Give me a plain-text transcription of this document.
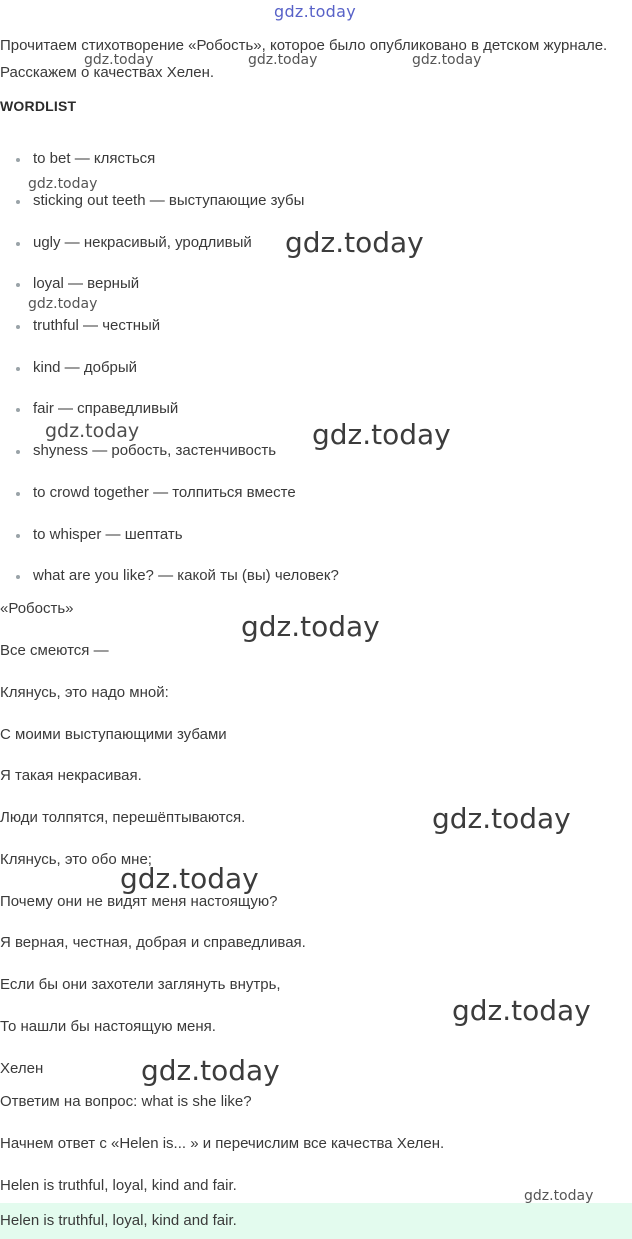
gdz.today

Прочитаем стихотворение «Робость», которое было опубликовано в детском журнале. Расскажем о качествах Хелен.

WORDLIST
to bet — клясться
sticking out teeth — выступающие зубы
ugly — некрасивый, уродливый
loyal — верный
truthful — честный
kind — добрый
fair — справедливый
shyness — робость, застенчивость
to crowd together — толпиться вместе
to whisper — шептать
what are you like? — какой ты (вы) человек?
«Робость»
Все смеются —
Клянусь, это надо мной:
С моими выступающими зубами
Я такая некрасивая.
Люди толпятся, перешёптываются.
Клянусь, это обо мне;
Почему они не видят меня настоящую?
Я верная, честная, добрая и справедливая.
Если бы они захотели заглянуть внутрь,
То нашли бы настоящую меня.
Хелен
Ответим на вопрос: what is she like?
Начнем ответ с «Helen is... » и перечислим все качества Хелен.
Helen is truthful, loyal, kind and fair.
Helen is truthful, loyal, kind and fair.
gdz.today	gdz.today	gdz.today
gdz.today
gdz.today
gdz.today
gdz.today	gdz.today
gdz.today
gdz.today
gdz.today
gdz.today
gdz.today
gdz.today
